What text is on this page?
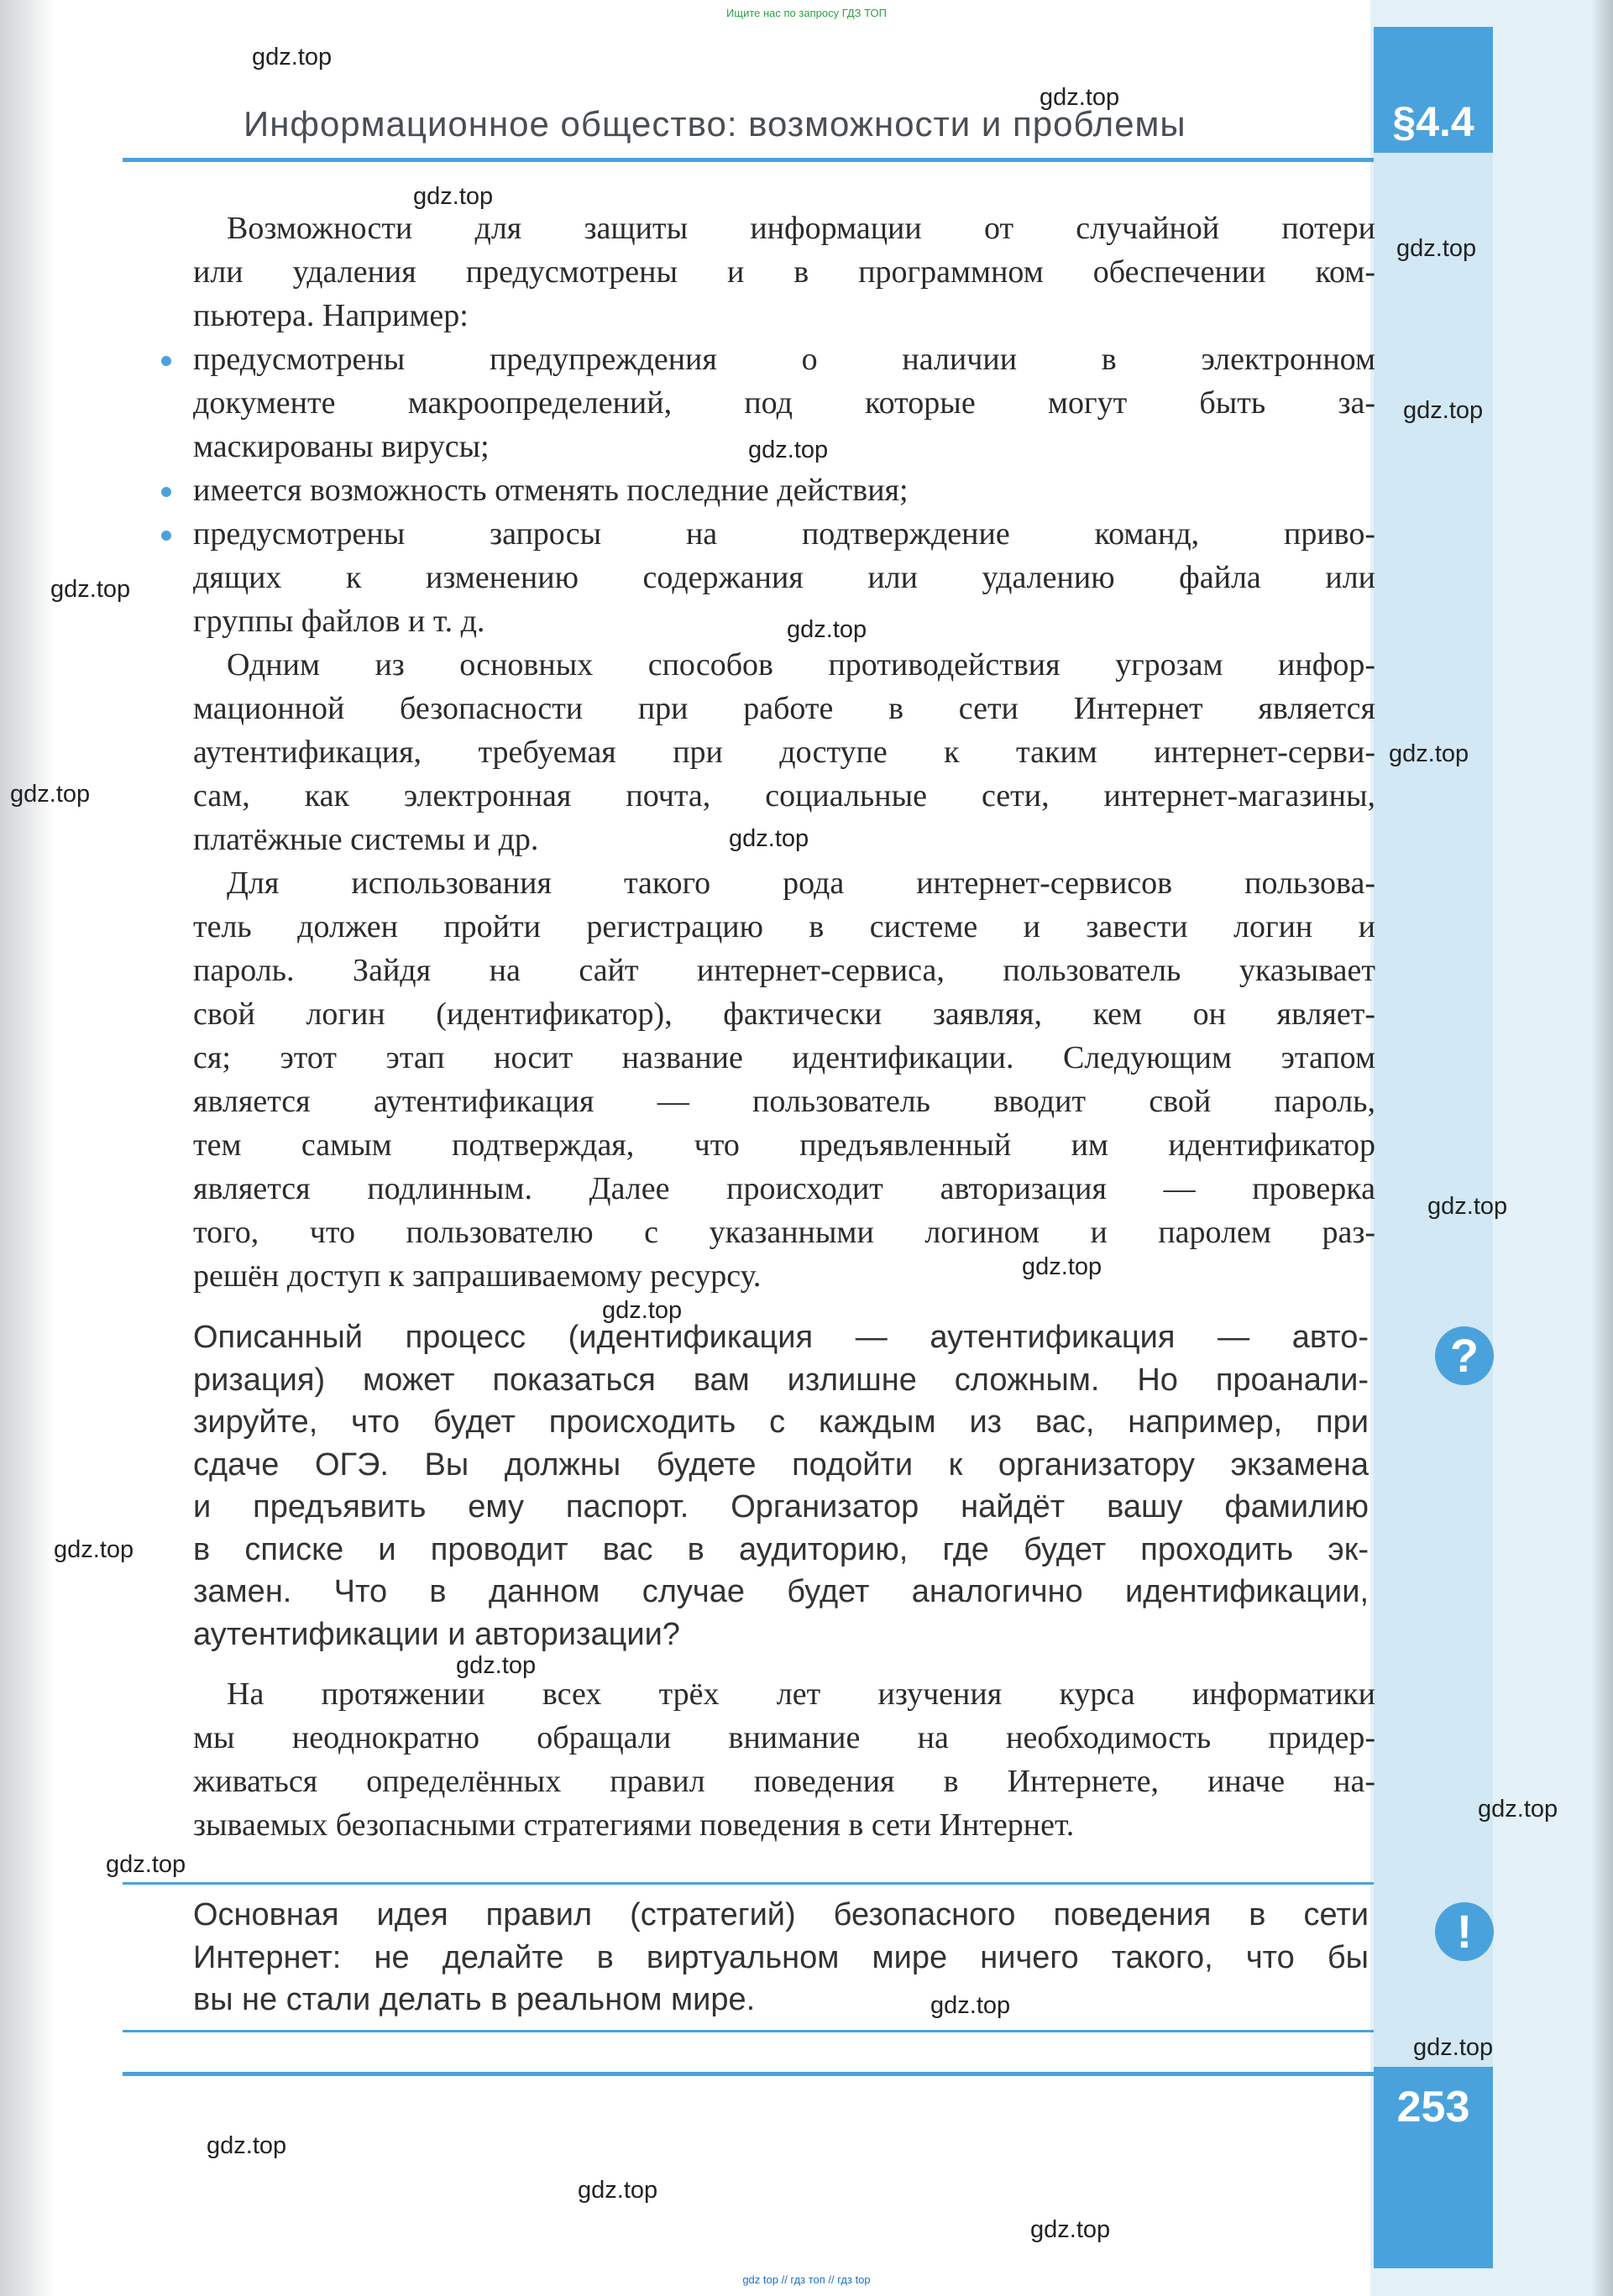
Ищите нас по запросу ГДЗ ТОП
§4.4
Информационное общество: возможности и проблемы
Возможности для защиты информации от случайной потери
или удаления предусмотрены и в программном обеспечении ком-
пьютера. Например:
предусмотрены предупреждения о наличии в электронном
документе макроопределений, под которые могут быть за-
маскированы вирусы;
имеется возможность отменять последние действия;
предусмотрены запросы на подтверждение команд, приво-
дящих к изменению содержания или удалению файла или
группы файлов и т. д.
Одним из основных способов противодействия угрозам инфор-
мационной безопасности при работе в сети Интернет является
аутентификация, требуемая при доступе к таким интернет-серви-
сам, как электронная почта, социальные сети, интернет-магазины,
платёжные системы и др.
Для использования такого рода интернет-сервисов пользова-
тель должен пройти регистрацию в системе и завести логин и
пароль. Зайдя на сайт интернет-сервиса, пользователь указывает
свой логин (идентификатор), фактически заявляя, кем он являет-
ся; этот этап носит название идентификации. Следующим этапом
является аутентификация — пользователь вводит свой пароль,
тем самым подтверждая, что предъявленный им идентификатор
является подлинным. Далее происходит авторизация — проверка
того, что пользователю с указанными логином и паролем раз-
решён доступ к запрашиваемому ресурсу.
Описанный процесс (идентификация — аутентификация — авто-
ризация) может показаться вам излишне сложным. Но проанали-
зируйте, что будет происходить с каждым из вас, например, при
сдаче ОГЭ. Вы должны будете подойти к организатору экзамена
и предъявить ему паспорт. Организатор найдёт вашу фамилию
в списке и проводит вас в аудиторию, где будет проходить эк-
замен. Что в данном случае будет аналогично идентификации,
аутентификации и авторизации?
?
На протяжении всех трёх лет изучения курса информатики
мы неоднократно обращали внимание на необходимость придер-
живаться определённых правил поведения в Интернете, иначе на-
зываемых безопасными стратегиями поведения в сети Интернет.
Основная идея правил (стратегий) безопасного поведения в сети
Интернет: не делайте в виртуальном мире ничего такого, что бы
вы не стали делать в реальном мире.
!
253
gdz top // гдз топ // гдз top
gdz.top
gdz.top
gdz.top
gdz.top
gdz.top
gdz.top
gdz.top
gdz.top
gdz.top
gdz.top
gdz.top
gdz.top
gdz.top
gdz.top
gdz.top
gdz.top
gdz.top
gdz.top
gdz.top
gdz.top
gdz.top
gdz.top
gdz.top
